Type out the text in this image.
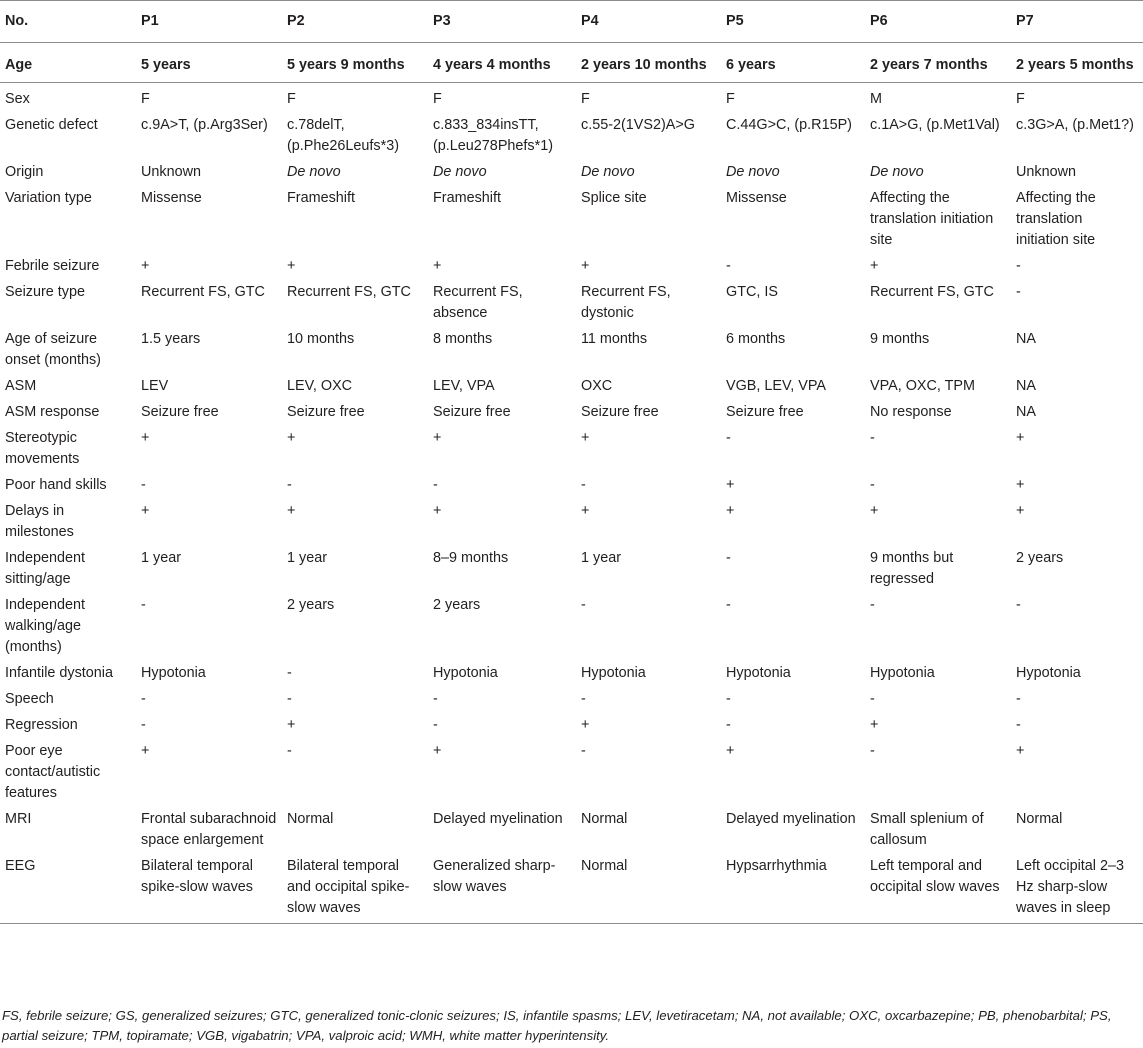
No.	P1	P2	P3	P4	P5	P6	P7
Age	5 years	5 years 9 months	4 years 4 months	2 years 10 months	6 years	2 years 7 months	2 years 5 months
Sex	F	F	F	F	F	M	F
Genetic defect	c.9A>T, (p.Arg3Ser)	c.78delT, (p.Phe26Leufs*3)	c.833_834insTT, (p.Leu278Phefs*1)	c.55-2(1VS2)A>G	C.44G>C, (p.R15P)	c.1A>G, (p.Met1Val)	c.3G>A, (p.Met1?)
Origin	Unknown	De novo	De novo	De novo	De novo	De novo	Unknown
Variation type	Missense	Frameshift	Frameshift	Splice site	Missense	Affecting the translation initiation site	Affecting the translation initiation site
Febrile seizure	+	+	+	+	-	+	-
Seizure type	Recurrent FS, GTC	Recurrent FS, GTC	Recurrent FS, absence	Recurrent FS, dystonic	GTC, IS	Recurrent FS, GTC	-
Age of seizure onset (months)	1.5 years	10 months	8 months	11 months	6 months	9 months	NA
ASM	LEV	LEV, OXC	LEV, VPA	OXC	VGB, LEV, VPA	VPA, OXC, TPM	NA
ASM response	Seizure free	Seizure free	Seizure free	Seizure free	Seizure free	No response	NA
Stereotypic movements	+	+	+	+	-	-	+
Poor hand skills	-	-	-	-	+	-	+
Delays in milestones	+	+	+	+	+	+	+
Independent sitting/age	1 year	1 year	8–9 months	1 year	-	9 months but regressed	2 years
Independent walking/age (months)	-	2 years	2 years	-	-	-	-
Infantile dystonia	Hypotonia	-	Hypotonia	Hypotonia	Hypotonia	Hypotonia	Hypotonia
Speech	-	-	-	-	-	-	-
Regression	-	+	-	+	-	+	-
Poor eye contact/autistic features	+	-	+	-	+	-	+
MRI	Frontal subarachnoid space enlargement	Normal	Delayed myelination	Normal	Delayed myelination	Small splenium of callosum	Normal
EEG	Bilateral temporal spike-slow waves	Bilateral temporal and occipital spike-slow waves	Generalized sharp-slow waves	Normal	Hypsarrhythmia	Left temporal and occipital slow waves	Left occipital 2–3 Hz sharp-slow waves in sleep
FS, febrile seizure; GS, generalized seizures; GTC, generalized tonic-clonic seizures; IS, infantile spasms; LEV, levetiracetam; NA, not available; OXC, oxcarbazepine; PB, phenobarbital; PS, partial seizure; TPM, topiramate; VGB, vigabatrin; VPA, valproic acid; WMH, white matter hyperintensity.
